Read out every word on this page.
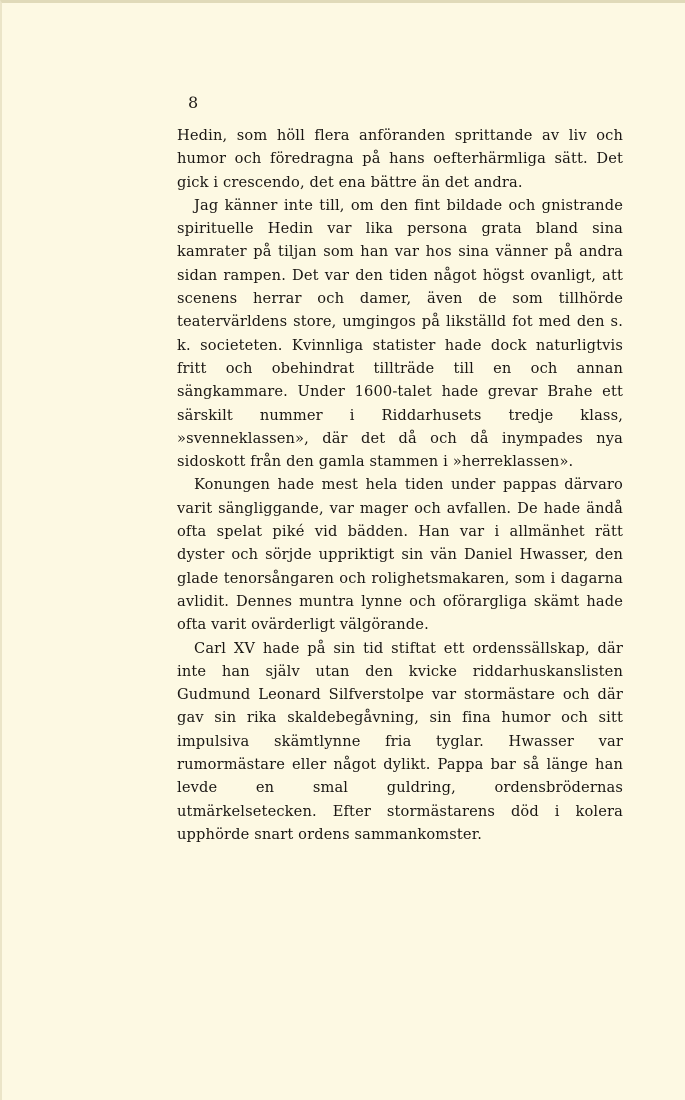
8

Hedin, som höll flera anföranden sprittande av liv och humor och föredragna på hans oefterhärmliga sätt. Det gick i crescendo, det ena bättre än det andra.

Jag känner inte till, om den fint bildade och gnistrande spirituelle Hedin var lika persona grata bland sina kamrater på tiljan som han var hos sina vänner på andra sidan rampen. Det var den tiden något högst ovanligt, att scenens herrar och damer, även de som tillhörde teatervärldens store, umgingos på likställd fot med den s. k. societeten. Kvinnliga statister hade dock naturligtvis fritt och obehindrat tillträde till en och annan sängkammare. Under 1600-talet hade grevar Brahe ett särskilt nummer i Riddarhusets tredje klass, »svenneklassen», där det då och då inympades nya sidoskott från den gamla stammen i »herreklassen».

Konungen hade mest hela tiden under pappas därvaro varit sängliggande, var mager och avfallen. De hade ändå ofta spelat piké vid bädden. Han var i allmänhet rätt dyster och sörjde uppriktigt sin vän Daniel Hwasser, den glade tenorsångaren och rolighetsmakaren, som i dagarna avlidit. Dennes muntra lynne och oförargliga skämt hade ofta varit ovärderligt välgörande.

Carl XV hade på sin tid stiftat ett ordenssällskap, där inte han själv utan den kvicke riddarhuskanslisten Gudmund Leonard Silfverstolpe var stormästare och där gav sin rika skaldebegåvning, sin fina humor och sitt impulsiva skämtlynne fria tyglar. Hwasser var rumormästare eller något dylikt. Pappa bar så länge han levde en smal guldring, ordensbrödernas utmärkelsetecken. Efter stormästarens död i kolera upphörde snart ordens sammankomster.
